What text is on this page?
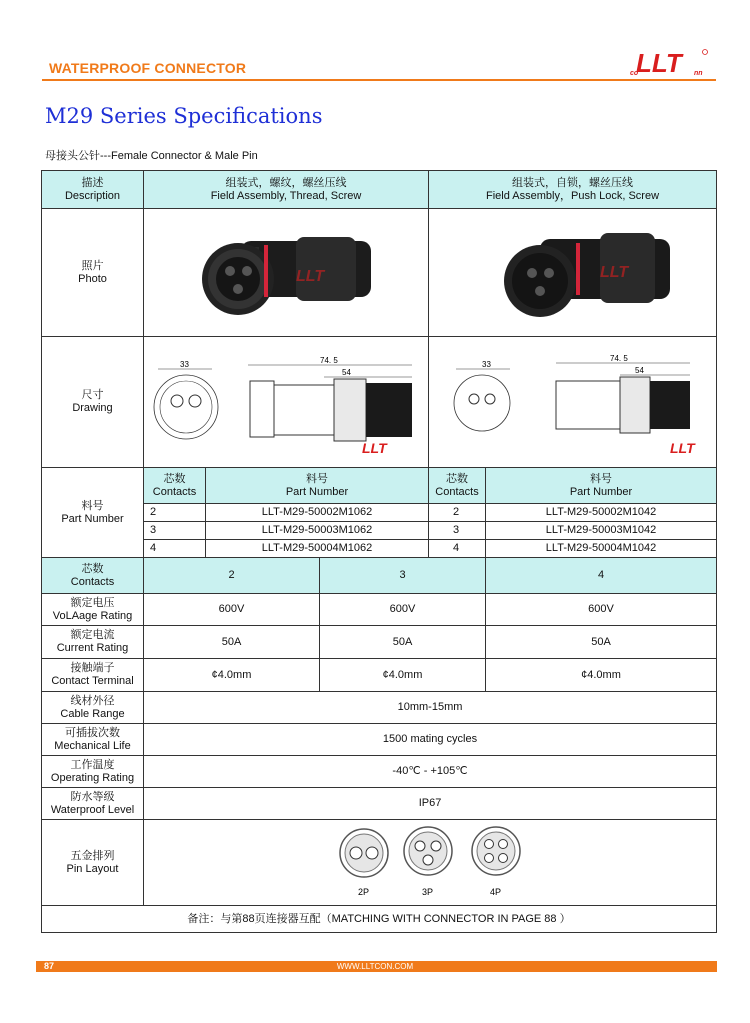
WATERPROOF CONNECTOR	LLT
co	nn
M29 Series Specifications
母接头公针---Female Connector & Male Pin
描述
Description	组装式，螺纹，螺丝压线
Field Assembly, Thread, Screw			组装式，自锁，螺丝压线
Field Assembly，Push Lock, Screw	
照片
Photo	LLT			LLT	

尺寸
Drawing	33 74. 5
54
LLT			33
74. 5
54
LLT	

料号
Part Number	芯数
Contacts	料号
Part Number		芯数
Contacts	料号
Part Number
	2	LLT-M29-50002M1062		2	LLT-M29-50002M1042
	3	LLT-M29-50003M1062		3	LLT-M29-50003M1042
	4	LLT-M29-50004M1062		4	LLT-M29-50004M1042
芯数
Contacts	2		3		4
额定电压
VoLAage Rating	600V		600V		600V
额定电流
Current Rating	50A		50A		50A
接触端子
Contact Terminal	¢4.0mm		¢4.0mm		¢4.0mm
线材外径
Cable Range	10mm-15mm				
可插拔次数
Mechanical Life	1500 mating cycles				
工作温度
Operating Rating	-40℃ - +105℃				
防水等级
Waterproof Level	IP67				
五金排列
Pin Layout	2P 3P 4P				

备注：与第88页连接器互配（MATCHING WITH CONNECTOR IN PAGE 88 ）					
WWW.LLTCON.COM
87
